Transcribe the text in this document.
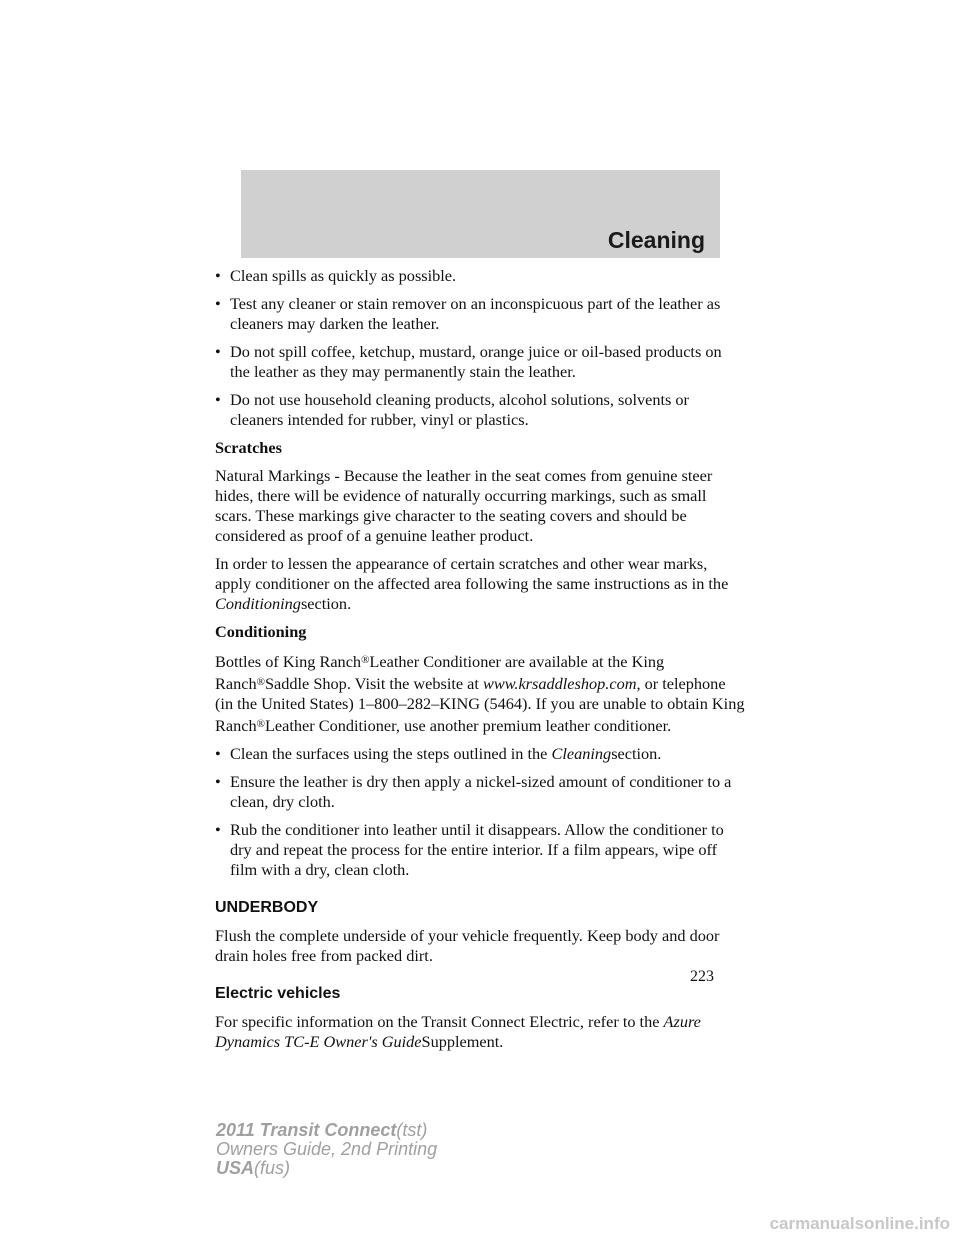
Cleaning
• Clean spills as quickly as possible.
• Test any cleaner or stain remover on an inconspicuous part of the leather as cleaners may darken the leather.
• Do not spill coffee, ketchup, mustard, orange juice or oil-based products on the leather as they may permanently stain the leather.
• Do not use household cleaning products, alcohol solutions, solvents or cleaners intended for rubber, vinyl or plastics.
Scratches

Natural Markings - Because the leather in the seat comes from genuine steer hides, there will be evidence of naturally occurring markings, such as small scars. These markings give character to the seating covers and should be considered as proof of a genuine leather product.

In order to lessen the appearance of certain scratches and other wear marks, apply conditioner on the affected area following the same instructions as in the Conditioningsection.

Conditioning

Bottles of King Ranch®Leather Conditioner are available at the King Ranch®Saddle Shop. Visit the website at www.krsaddleshop.com, or telephone (in the United States) 1–800–282–KING (5464). If you are unable to obtain King Ranch®Leather Conditioner, use another premium leather conditioner.

• Clean the surfaces using the steps outlined in the Cleaningsection.
• Ensure the leather is dry then apply a nickel-sized amount of conditioner to a clean, dry cloth.
• Rub the conditioner into leather until it disappears. Allow the conditioner to dry and repeat the process for the entire interior. If a film appears, wipe off film with a dry, clean cloth.
UNDERBODY

Flush the complete underside of your vehicle frequently. Keep body and door drain holes free from packed dirt.

Electric vehicles

For specific information on the Transit Connect Electric, refer to the Azure Dynamics TC-E Owner's GuideSupplement.

223
2011 Transit Connect(tst)
Owners Guide, 2nd Printing
USA(fus)
carmanualsonline.info
